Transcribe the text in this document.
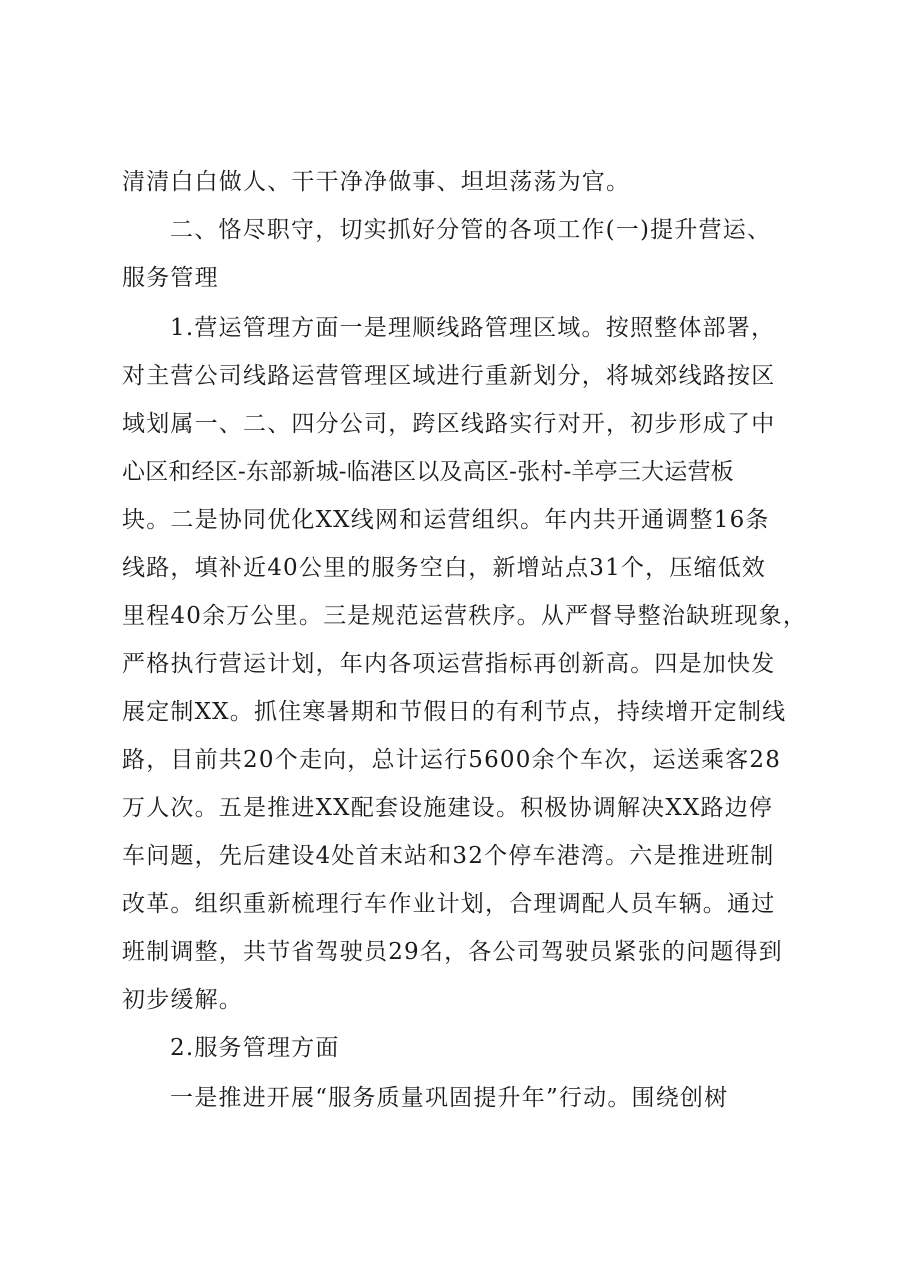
清清白白做人、干干净净做事、坦坦荡荡为官。
二、恪尽职守，切实抓好分管的各项工作(一)提升营运、
服务管理
1.营运管理方面一是理顺线路管理区域。按照整体部署，
对主营公司线路运营管理区域进行重新划分，将城郊线路按区
域划属一、二、四分公司，跨区线路实行对开，初步形成了中
心区和经区-东部新城-临港区以及高区-张村-羊亭三大运营板
块。二是协同优化XX线网和运营组织。年内共开通调整16条
线路，填补近40公里的服务空白，新增站点31个，压缩低效
里程40余万公里。三是规范运营秩序。从严督导整治缺班现象，
严格执行营运计划，年内各项运营指标再创新高。四是加快发
展定制XX。抓住寒暑期和节假日的有利节点，持续增开定制线
路，目前共20个走向，总计运行5600余个车次，运送乘客28
万人次。五是推进XX配套设施建设。积极协调解决XX路边停
车问题，先后建设4处首末站和32个停车港湾。六是推进班制
改革。组织重新梳理行车作业计划，合理调配人员车辆。通过
班制调整，共节省驾驶员29名，各公司驾驶员紧张的问题得到
初步缓解。
2.服务管理方面
一是推进开展“服务质量巩固提升年”行动。围绕创树
